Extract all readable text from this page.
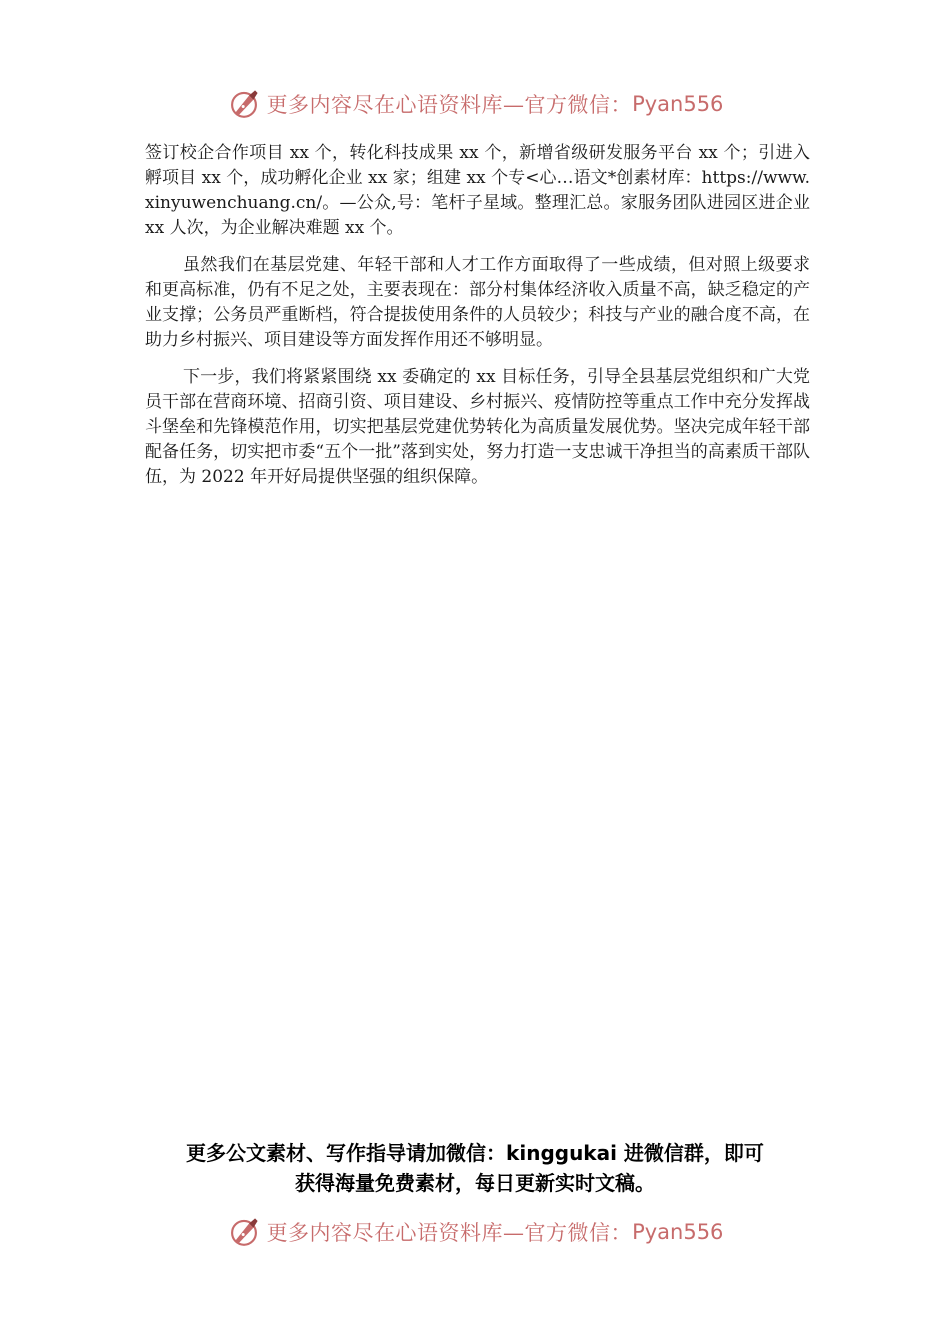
更多内容尽在心语资料库—官方微信： Pyan556

签订校企合作项目 xx 个，转化科技成果 xx 个，新增省级研发服务平台 xx 个；引进入孵项目 xx 个，成功孵化企业 xx 家；组建 xx 个专<心…语文*创素材库：https://www.xinyuwenchuang.cn/。—公众,号：笔杆子星域。整理汇总。家服务团队进园区进企业 xx 人次，为企业解决难题 xx 个。

虽然我们在基层党建、年轻干部和人才工作方面取得了一些成绩，但对照上级要求和更高标准，仍有不足之处，主要表现在：部分村集体经济收入质量不高，缺乏稳定的产业支撑；公务员严重断档，符合提拔使用条件的人员较少；科技与产业的融合度不高，在助力乡村振兴、项目建设等方面发挥作用还不够明显。

下一步，我们将紧紧围绕 xx 委确定的 xx 目标任务，引导全县基层党组织和广大党员干部在营商环境、招商引资、项目建设、乡村振兴、疫情防控等重点工作中充分发挥战斗堡垒和先锋模范作用，切实把基层党建优势转化为高质量发展优势。坚决完成年轻干部配备任务，切实把市委“五个一批”落到实处，努力打造一支忠诚干净担当的高素质干部队伍，为 2022 年开好局提供坚强的组织保障。

更多公文素材、写作指导请加微信：kinggukai 进微信群，即可
获得海量免费素材，每日更新实时文稿。
更多内容尽在心语资料库—官方微信： Pyan556
